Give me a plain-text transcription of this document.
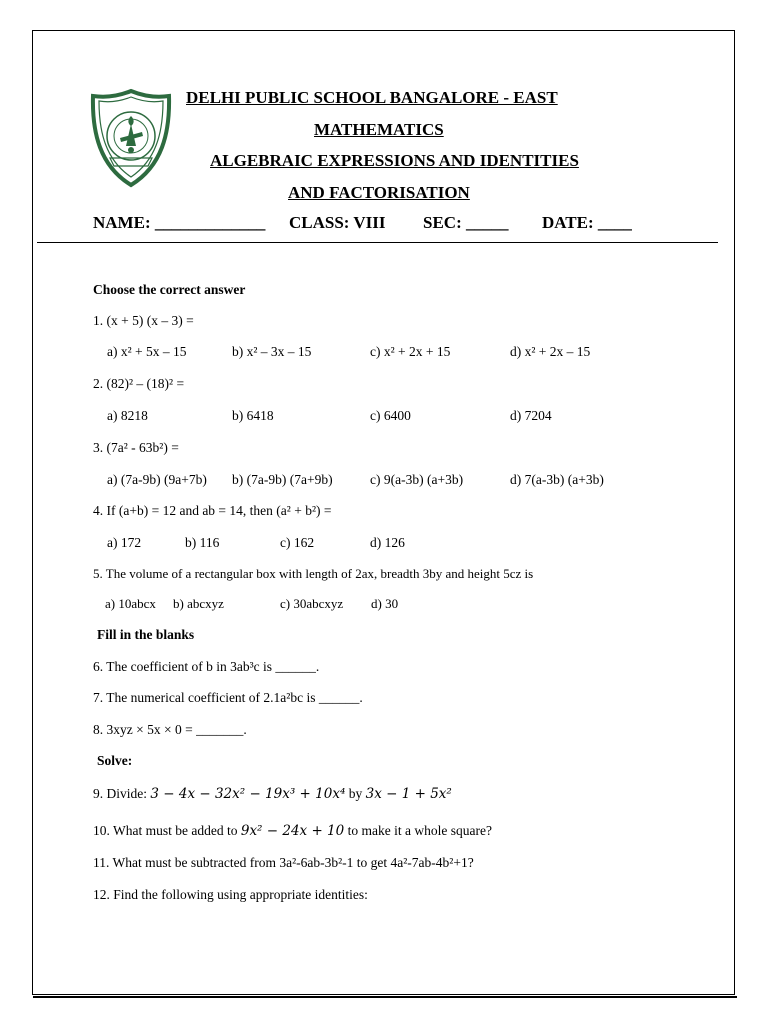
DELHI PUBLIC SCHOOL BANGALORE - EAST
MATHEMATICS
ALGEBRAIC EXPRESSIONS AND IDENTITIES
AND FACTORISATION
NAME: _____________ CLASS: VIII SEC: _____ DATE: ____
Choose the correct answer
1. (x + 5) (x – 3) =
a) x² + 5x – 15	b) x² – 3x – 15	c) x² + 2x + 15	d) x² + 2x – 15
2. (82)² – (18)² =
a) 8218	b) 6418	c) 6400	d) 7204
3. (7a² - 63b²) =
a) (7a-9b) (9a+7b) b) (7a-9b) (7a+9b)	c) 9(a-3b) (a+3b)	d) 7(a-3b) (a+3b)
4. If (a+b) = 12 and ab = 14, then (a² + b²) =
a) 172	b) 116	c) 162	d) 126
5. The volume of a rectangular box with length of 2ax, breadth 3by and height 5cz is
a) 10abcx b) abcxyz	c) 30abcxyz d) 30
Fill in the blanks
6. The coefficient of b in 3ab³c is ______.
7. The numerical coefficient of 2.1a²bc is ______.
8. 3xyz × 5x × 0 = _______.
Solve:
9. Divide: 3 − 4x − 32x² − 19x³ + 10x⁴ by 3x − 1 + 5x²
10. What must be added to 9x² − 24x + 10 to make it a whole square?
11. What must be subtracted from 3a²-6ab-3b²-1 to get 4a²-7ab-4b²+1?
12. Find the following using appropriate identities:
